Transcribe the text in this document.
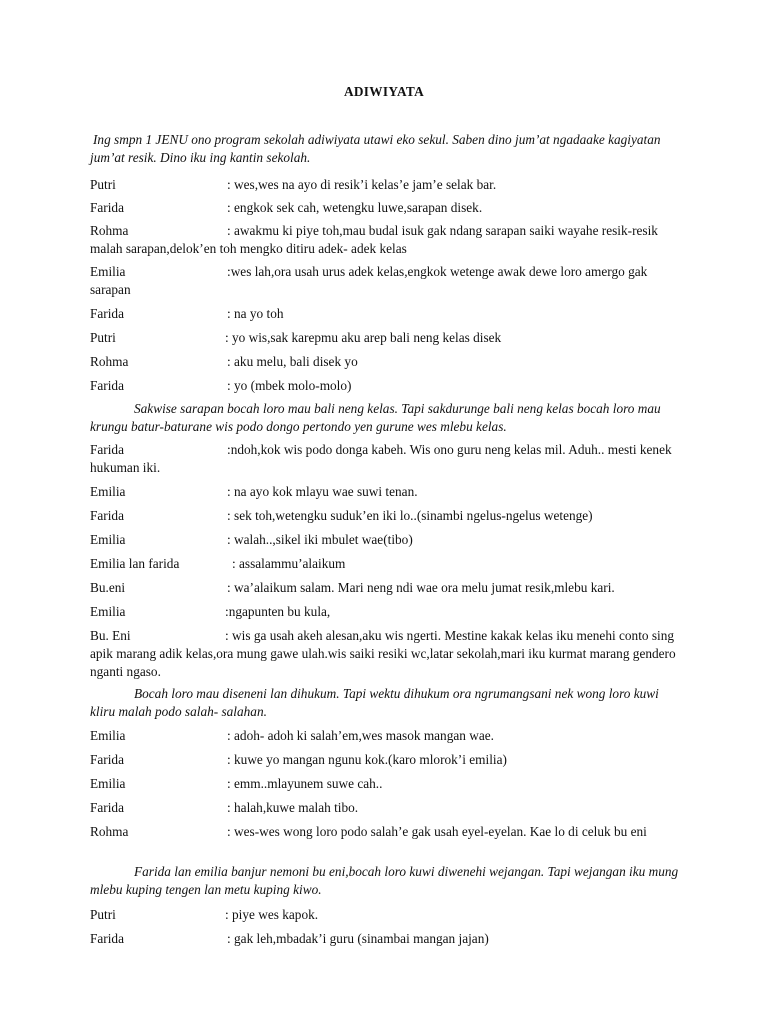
ADIWIYATA
Ing smpn 1 JENU ono program sekolah adiwiyata utawi eko sekul. Saben dino jum’at ngadaake kagiyatan jum’at resik. Dino iku ing kantin sekolah.
Putri	: wes,wes na ayo di resik’i kelas’e jam’e selak bar.
Farida	: engkok sek cah, wetengku luwe,sarapan disek.
Rohma	: awakmu ki piye toh,mau budal isuk gak ndang sarapan saiki wayahe resik-resik malah sarapan,delok’en toh mengko ditiru adek- adek kelas
Emilia	:wes lah,ora usah urus adek kelas,engkok wetenge awak dewe loro amergo gak sarapan
Farida	: na yo toh
Putri	: yo wis,sak karepmu aku arep bali neng kelas disek
Rohma	: aku melu, bali disek yo
Farida	: yo (mbek molo-molo)
Sakwise sarapan bocah loro mau bali neng kelas. Tapi sakdurunge bali neng kelas bocah loro mau krungu batur-baturane wis podo dongo pertondo yen gurune wes mlebu kelas.
Farida	:ndoh,kok wis podo donga kabeh. Wis ono guru neng kelas mil. Aduh.. mesti kenek hukuman iki.
Emilia	: na ayo kok mlayu wae suwi tenan.
Farida	: sek toh,wetengku suduk’en iki lo..(sinambi ngelus-ngelus wetenge)
Emilia	: walah..,sikel iki mbulet wae(tibo)
Emilia lan farida	: assalammu’alaikum
Bu.eni	: wa’alaikum salam. Mari neng ndi wae ora melu jumat resik,mlebu kari.
Emilia	:ngapunten bu kula,
Bu. Eni	: wis ga usah akeh alesan,aku wis ngerti. Mestine kakak kelas iku menehi conto sing apik marang adik kelas,ora mung gawe ulah.wis saiki resiki wc,latar sekolah,mari iku kurmat marang gendero nganti ngaso.
Bocah loro mau diseneni lan dihukum. Tapi wektu dihukum ora ngrumangsani nek wong loro kuwi kliru malah podo salah- salahan.
Emilia	: adoh- adoh ki salah’em,wes masok mangan wae.
Farida	: kuwe yo mangan ngunu kok.(karo mlorok’i emilia)
Emilia	: emm..mlayunem suwe cah..
Farida	: halah,kuwe malah tibo.
Rohma	: wes-wes wong loro podo salah’e gak usah eyel-eyelan. Kae lo di celuk bu eni
Farida lan emilia banjur nemoni bu eni,bocah loro kuwi diwenehi wejangan. Tapi wejangan iku mung mlebu kuping tengen lan metu kuping kiwo.
Putri	: piye wes kapok.
Farida	: gak leh,mbadak’i guru (sinambai mangan jajan)
